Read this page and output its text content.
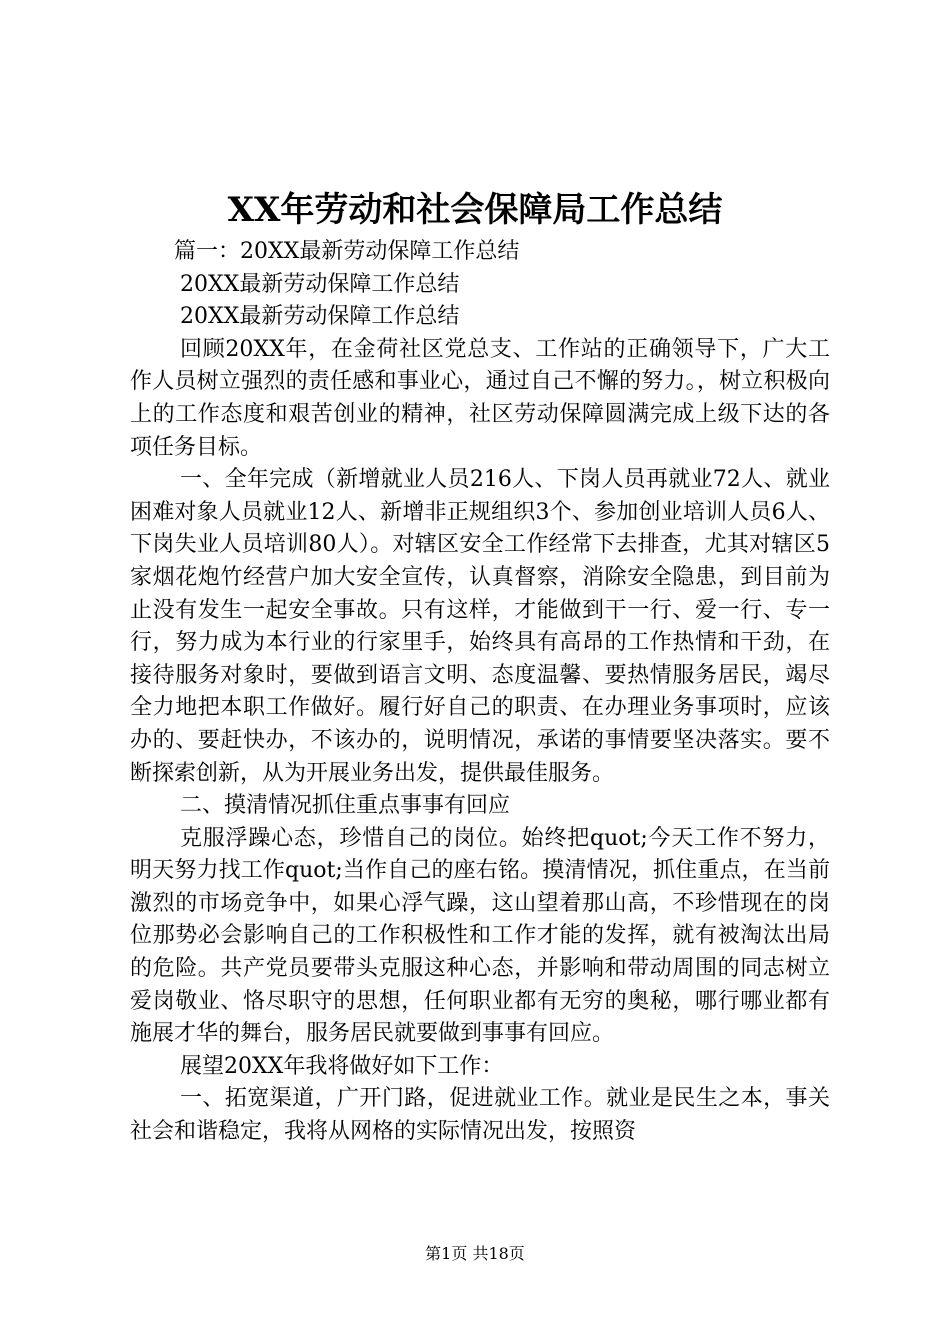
XX年劳动和社会保障局工作总结

篇一：20XX最新劳动保障工作总结

20XX最新劳动保障工作总结

20XX最新劳动保障工作总结

回顾20XX年，在金荷社区党总支、工作站的正确领导下，广大工作人员树立强烈的责任感和事业心，通过自己不懈的努力。，树立积极向上的工作态度和艰苦创业的精神，社区劳动保障圆满完成上级下达的各项任务目标。

一、全年完成（新增就业人员216人、下岗人员再就业72人、就业困难对象人员就业12人、新增非正规组织3个、参加创业培训人员6人、下岗失业人员培训80人）。对辖区安全工作经常下去排查，尤其对辖区5家烟花炮竹经营户加大安全宣传，认真督察，消除安全隐患，到目前为止没有发生一起安全事故。只有这样，才能做到干一行、爱一行、专一行，努力成为本行业的行家里手，始终具有高昂的工作热情和干劲，在接待服务对象时，要做到语言文明、态度温馨、要热情服务居民，竭尽全力地把本职工作做好。履行好自己的职责、在办理业务事项时，应该办的、要赶快办，不该办的，说明情况，承诺的事情要坚决落实。要不断探索创新，从为开展业务出发，提供最佳服务。

二、摸清情况抓住重点事事有回应

克服浮躁心态，珍惜自己的岗位。始终把quot;今天工作不努力，明天努力找工作quot;当作自己的座右铭。摸清情况，抓住重点，在当前激烈的市场竞争中，如果心浮气躁，这山望着那山高，不珍惜现在的岗位那势必会影响自己的工作积极性和工作才能的发挥，就有被淘汰出局的危险。共产党员要带头克服这种心态，并影响和带动周围的同志树立爱岗敬业、恪尽职守的思想，任何职业都有无穷的奥秘，哪行哪业都有施展才华的舞台，服务居民就要做到事事有回应。

展望20XX年我将做好如下工作：

一、拓宽渠道，广开门路，促进就业工作。就业是民生之本，事关社会和谐稳定，我将从网格的实际情况出发，按照资

第1页 共18页
